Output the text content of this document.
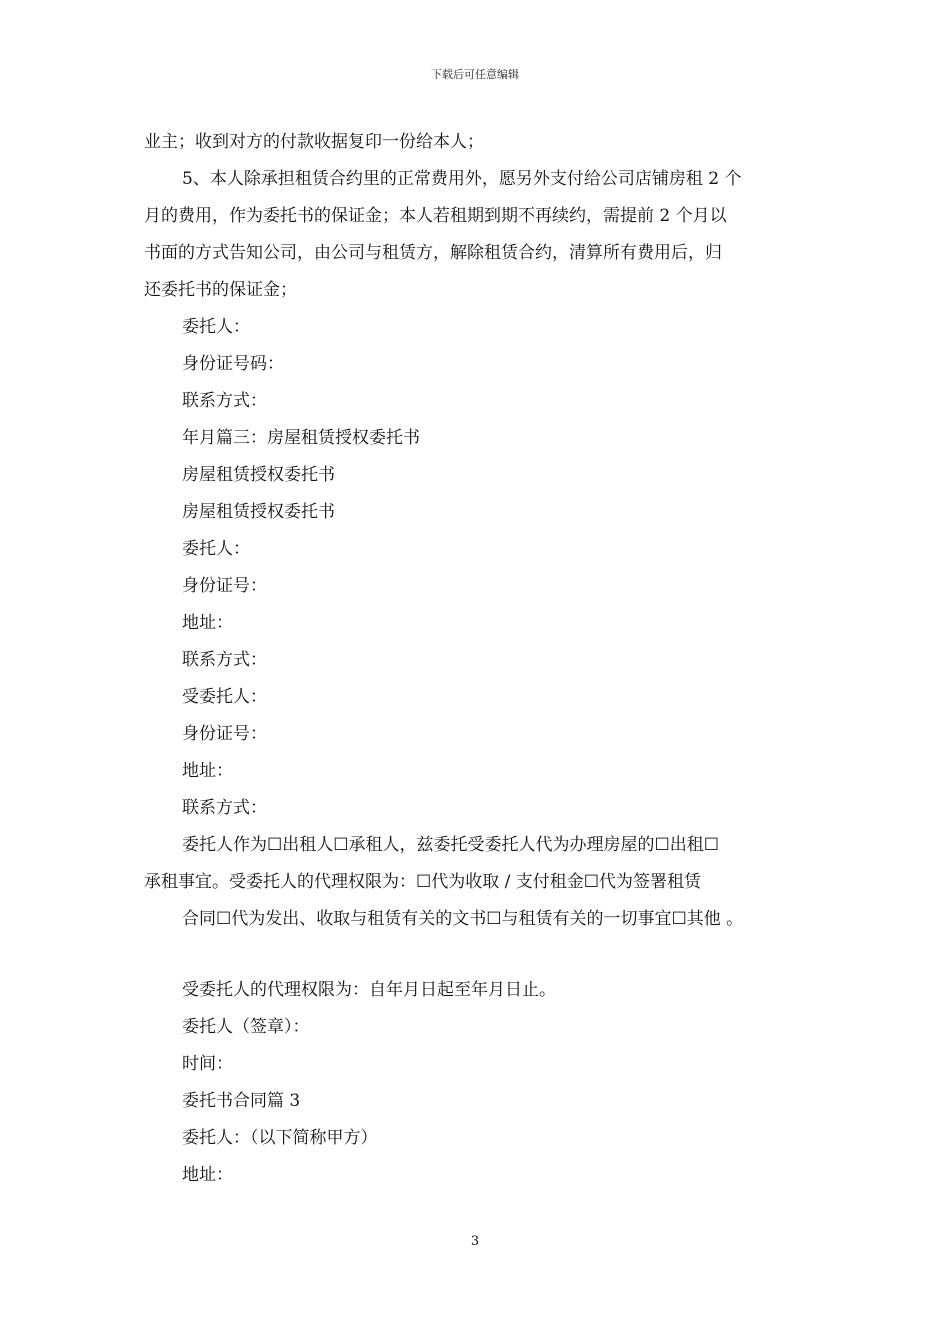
下载后可任意编辑
业主；收到对方的付款收据复印一份给本人；
5、本人除承担租赁合约里的正常费用外，愿另外支付给公司店铺房租 2 个
月的费用，作为委托书的保证金；本人若租期到期不再续约，需提前 2 个月以
书面的方式告知公司，由公司与租赁方，解除租赁合约，清算所有费用后，归
还委托书的保证金；
委托人：
身份证号码：
联系方式：
年月篇三：房屋租赁授权委托书
房屋租赁授权委托书
房屋租赁授权委托书
委托人：
身份证号：
地址：
联系方式：
受委托人：
身份证号：
地址：
联系方式：
委托人作为☐出租人☐承租人，兹委托受委托人代为办理房屋的☐出租☐
承租事宜。受委托人的代理权限为：☐代为收取 / 支付租金☐代为签署租赁
合同☐代为发出、收取与租赁有关的文书☐与租赁有关的一切事宜☐其他 。
受委托人的代理权限为：自年月日起至年月日止。
委托人（签章）：
时间：
委托书合同篇 3
委托人：（以下简称甲方）
地址：
3
